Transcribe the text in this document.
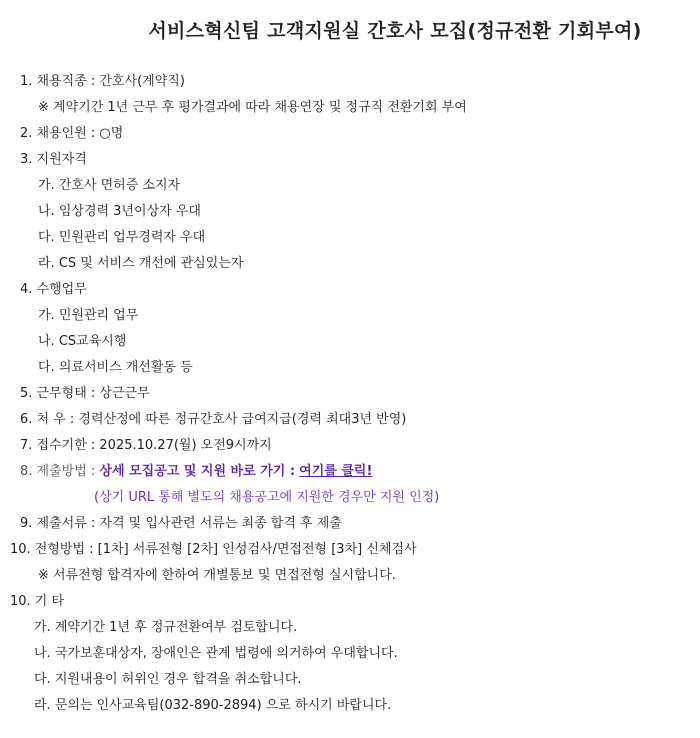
서비스혁신팀 고객지원실 간호사 모집(정규전환 기회부여)
1. 채용직종 : 간호사(계약직)
※ 계약기간 1년 근무 후 평가결과에 따라 채용연장 및 정규직 전환기회 부여
2. 채용인원 : ○명
3. 지원자격
가. 간호사 면허증 소지자
나. 임상경력 3년이상자 우대
다. 민원관리 업무경력자 우대
라. CS 및 서비스 개선에 관심있는자
4. 수행업무
가. 민원관리 업무
나. CS교육시행
다. 의료서비스 개선활동 등
5. 근무형태 : 상근근무
6. 처 우 : 경력산정에 따른 정규간호사 급여지급(경력 최대3년 반영)
7. 접수기한 : 2025.10.27(월) 오전9시까지
8. 제출방법 : 상세 모집공고 및 지원 바로 가기 : 여기를 클릭!
(상기 URL 통해 별도의 채용공고에 지원한 경우만 지원 인정)
9. 제출서류 : 자격 및 입사관련 서류는 최종 합격 후 제출
10. 전형방법 : [1차] 서류전형 [2차] 인성검사/면접전형 [3차] 신체검사
※ 서류전형 합격자에 한하여 개별통보 및 면접전형 실시합니다.
10. 기 타
가. 계약기간 1년 후 정규전환여부 검토합니다.
나. 국가보훈대상자, 장애인은 관계 법령에 의거하여 우대합니다.
다. 지원내용이 허위인 경우 합격을 취소합니다.
라. 문의는 인사교육팀(032-890-2894) 으로 하시기 바랍니다.
